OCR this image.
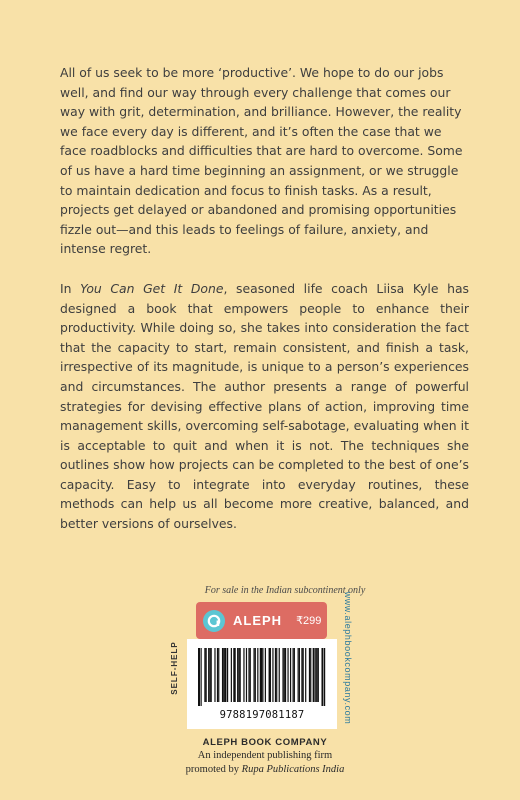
All of us seek to be more ‘productive’. We hope to do our jobs well, and find our way through every challenge that comes our way with grit, determination, and brilliance. However, the reality we face every day is different, and it’s often the case that we face roadblocks and difficulties that are hard to overcome. Some of us have a hard time beginning an assignment, or we struggle to maintain dedication and focus to finish tasks. As a result, projects get delayed or abandoned and promising opportunities fizzle out—and this leads to feelings of failure, anxiety, and intense regret.

In You Can Get It Done, seasoned life coach Liisa Kyle has designed a book that empowers people to enhance their productivity. While doing so, she takes into consideration the fact that the capacity to start, remain consistent, and finish a task, irrespective of its magnitude, is unique to a person’s experiences and circumstances. The author presents a range of powerful strategies for devising effective plans of action, improving time management skills, overcoming self-sabotage, evaluating when it is acceptable to quit and when it is not. The techniques she outlines show how projects can be completed to the best of one’s capacity. Easy to integrate into everyday routines, these methods can help us all become more creative, balanced, and better versions of ourselves.

For sale in the Indian subcontinent only
ALEPH ₹299
9788197081187
SELF-HELP	www.alephbookcompany.com
ALEPH BOOK COMPANY
An independent publishing firm
promoted by Rupa Publications India
